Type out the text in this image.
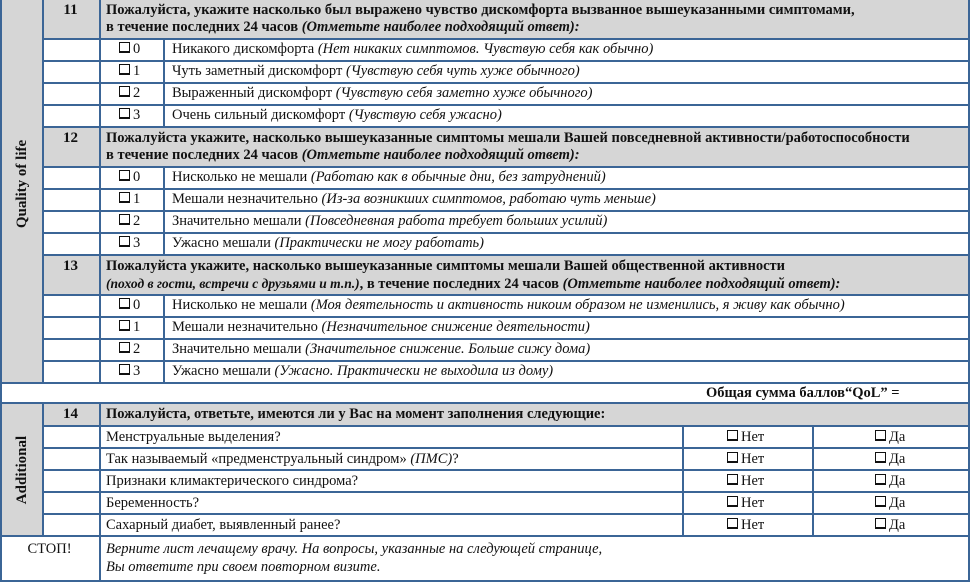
Quality of life
Additional
11	Пожалуйста, укажите насколько был выражено чувство дискомфорта вызванное вышеуказанными симптомами,
в течение последних 24 часов (Отметьте наиболее подходящий ответ):
0 Никакого дискомфорта (Нет никаких симптомов. Чувствую себя как обычно)
1 Чуть заметный дискомфорт (Чувствую себя чуть хуже обычного)
2 Выраженный дискомфорт (Чувствую себя заметно хуже обычного)
3 Очень сильный дискомфорт (Чувствую себя ужасно)
12	Пожалуйста укажите, насколько вышеуказанные симптомы мешали Вашей повседневной активности/работоспособности
в течение последних 24 часов (Отметьте наиболее подходящий ответ):
0 Нисколько не мешали (Работаю как в обычные дни, без затруднений)
1 Мешали незначительно (Из-за возникших симптомов, работаю чуть меньше)
2 Значительно мешали (Повседневная работа требует больших усилий)
3 Ужасно мешали (Практически не могу работать)
13	Пожалуйста укажите, насколько вышеуказанные симптомы мешали Вашей общественной активности
(поход в гости, встречи с друзьями и т.п.), в течение последних 24 часов (Отметьте наиболее подходящий ответ):
0 Нисколько не мешали (Моя деятельность и активность никоим образом не изменились, я живу как обычно)
1 Мешали незначительно (Незначительное снижение деятельности)
2 Значительно мешали (Значительное снижение. Больше сижу дома)
3 Ужасно мешали (Ужасно. Практически не выходила из дому)
Общая сумма баллов“QoL” =
14	Пожалуйста, ответьте, имеются ли у Вас на момент заполнения следующие:
Менструальные выделения?	Нет	Да
Так называемый «предменструальный синдром» (ПМС)?	Нет	Да
Признаки климактерического синдрома?	Нет	Да
Беременность?	Нет	Да
Сахарный диабет, выявленный ранее?	Нет	Да
СТОП!	Верните лист лечащему врачу. На вопросы, указанные на следующей странице,
Вы ответите при своем повторном визите.
